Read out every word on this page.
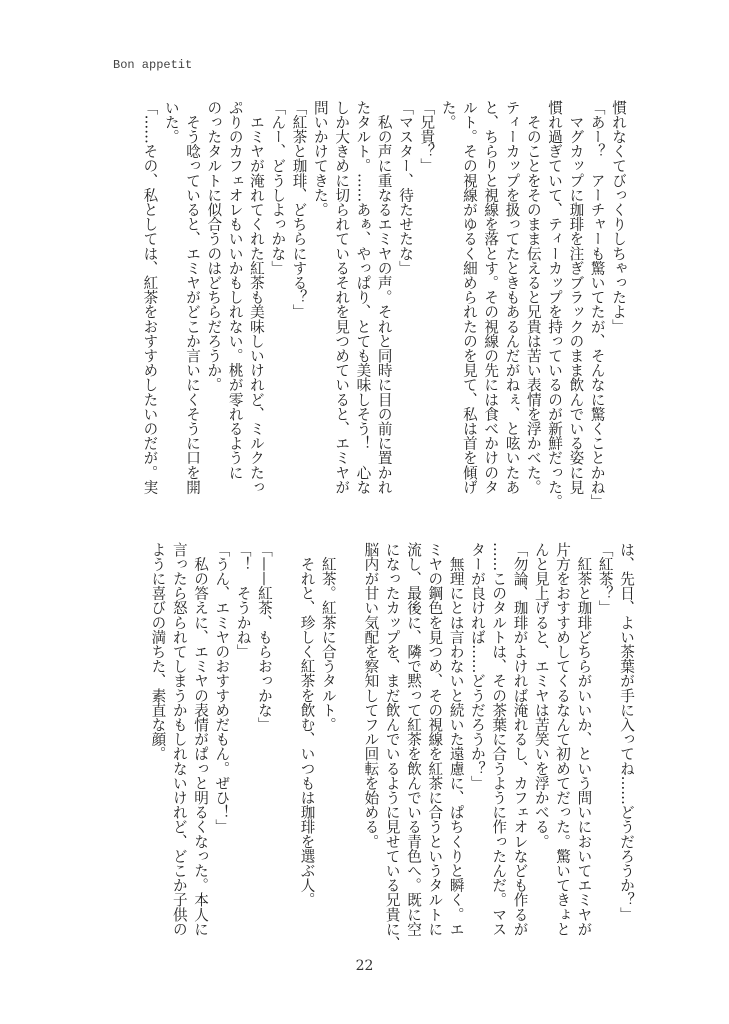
Bon appetit
慣れなくてびっくりしちゃったよ」
「あー？　アーチャーも驚いてたが、そんなに驚くことかね」
　マグカップに珈琲を注ぎブラックのまま飲んでいる姿に見
慣れ過ぎていて、ティーカップを持っているのが新鮮だった。
　そのことをそのまま伝えると兄貴は苦い表情を浮かべた。
ティーカップを扱ってたときもあるんだがねぇ、と呟いたあ
と、ちらりと視線を落とす。その視線の先には食べかけのタ
ルト。その視線がゆるく細められたのを見て、私は首を傾げ
た。
「兄貴？」
「マスター、待たせたな」
　私の声に重なるエミヤの声。それと同時に目の前に置かれ
たタルト。……あぁ、やっぱり、とても美味しそう！　心な
しか大きめに切られているそれを見つめていると、エミヤが
問いかけてきた。
「紅茶と珈琲、どちらにする？」
「んー、どうしよっかな」
　エミヤが淹れてくれた紅茶も美味しいけれど、ミルクたっ
ぷりのカフェオレもいいかもしれない。桃が零れるように
のったタルトに似合うのはどちらだろうか。
　そう唸っていると、エミヤがどこか言いにくそうに口を開
いた。
「……その、私としては、紅茶をおすすめしたいのだが。実
は、先日、よい茶葉が手に入ってね……どうだろうか？」
「紅茶？」
　紅茶と珈琲どちらがいいか、という問いにおいてエミヤが
片方をおすすめしてくるなんて初めてだった。驚いてきょと
んと見上げると、エミヤは苦笑いを浮かべる。
「勿論、珈琲がよければ淹れるし、カフェオレなども作るが
……このタルトは、その茶葉に合うように作ったんだ。マス
ターが良ければ……どうだろうか？」
　無理にとは言わないと続いた遠慮に、ぱちくりと瞬く。エ
ミヤの鋼色を見つめ、その視線を紅茶に合うというタルトに
流し、最後に、隣で黙って紅茶を飲んでいる青色へ。既に空
になったカップを、まだ飲んでいるように見せている兄貴に、
脳内が甘い気配を察知してフル回転を始める。
　紅茶。紅茶に合うタルト。
　それと、珍しく紅茶を飲む、いつもは珈琲を選ぶ人。
「——紅茶、もらおっかな」
「！　そうかね」
「うん、エミヤのおすすめだもん。ぜひ！」
　私の答えに、エミヤの表情がぱっと明るくなった。本人に
言ったら怒られてしまうかもしれないけれど、どこか子供の
ように喜びの満ちた、素直な顔。
22
